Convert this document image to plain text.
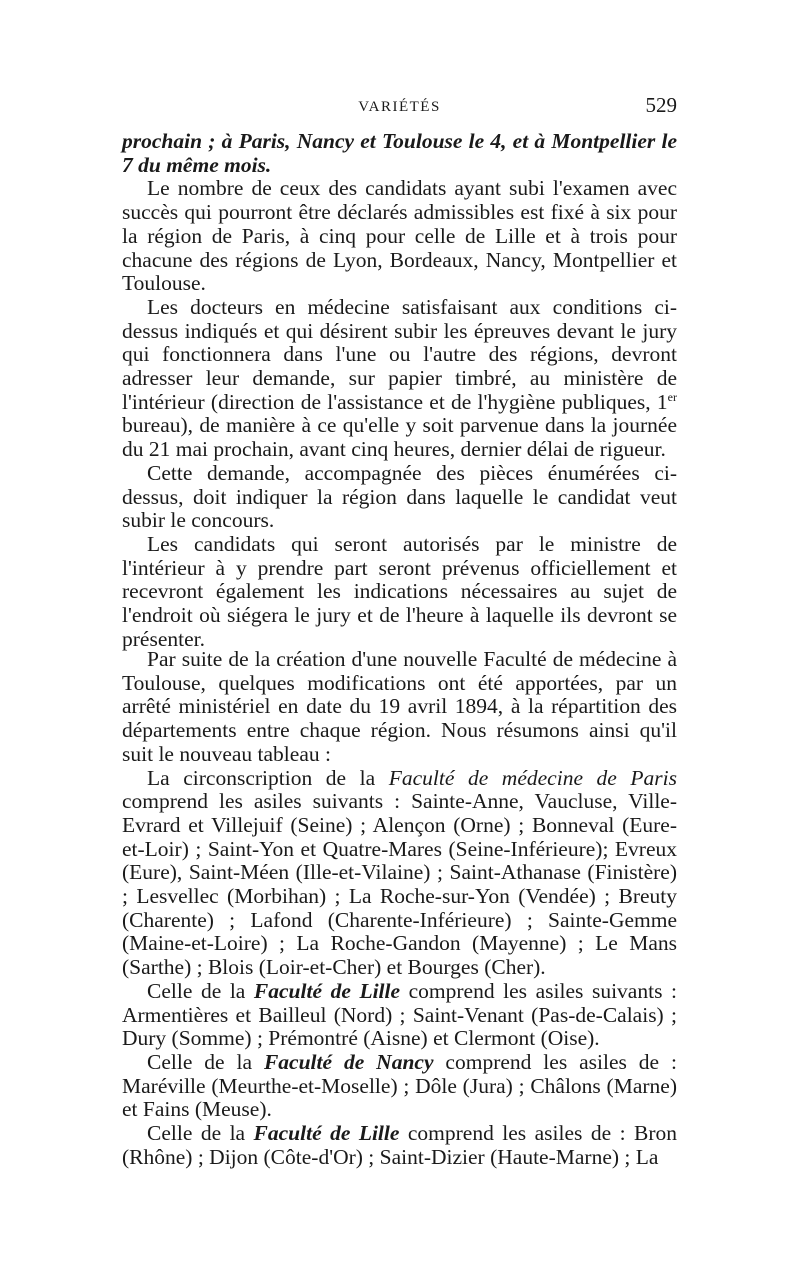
VARIÉTÉS	529

prochain ; à Paris, Nancy et Toulouse le 4, et à Montpellier le 7 du même mois.

Le nombre de ceux des candidats ayant subi l'examen avec succès qui pourront être déclarés admissibles est fixé à six pour la région de Paris, à cinq pour celle de Lille et à trois pour chacune des régions de Lyon, Bordeaux, Nancy, Montpellier et Toulouse.

Les docteurs en médecine satisfaisant aux conditions ci-dessus indiqués et qui désirent subir les épreuves devant le jury qui fonctionnera dans l'une ou l'autre des régions, devront adresser leur demande, sur papier timbré, au ministère de l'intérieur (direction de l'assistance et de l'hygiène publiques, 1er bureau), de manière à ce qu'elle y soit parvenue dans la journée du 21 mai prochain, avant cinq heures, dernier délai de rigueur.

Cette demande, accompagnée des pièces énumérées ci-dessus, doit indiquer la région dans laquelle le candidat veut subir le concours.

Les candidats qui seront autorisés par le ministre de l'intérieur à y prendre part seront prévenus officiellement et recevront également les indications nécessaires au sujet de l'endroit où siégera le jury et de l'heure à laquelle ils devront se présenter.

Par suite de la création d'une nouvelle Faculté de médecine à Toulouse, quelques modifications ont été apportées, par un arrêté ministériel en date du 19 avril 1894, à la répartition des départements entre chaque région. Nous résumons ainsi qu'il suit le nouveau tableau :

La circonscription de la Faculté de médecine de Paris comprend les asiles suivants : Sainte-Anne, Vaucluse, Ville-Evrard et Villejuif (Seine) ; Alençon (Orne) ; Bonneval (Eure-et-Loir) ; Saint-Yon et Quatre-Mares (Seine-Inférieure); Evreux (Eure), Saint-Méen (Ille-et-Vilaine) ; Saint-Athanase (Finistère) ; Lesvellec (Morbihan) ; La Roche-sur-Yon (Vendée) ; Breuty (Charente) ; Lafond (Charente-Inférieure) ; Sainte-Gemme (Maine-et-Loire) ; La Roche-Gandon (Mayenne) ; Le Mans (Sarthe) ; Blois (Loir-et-Cher) et Bourges (Cher).

Celle de la Faculté de Lille comprend les asiles suivants : Armentières et Bailleul (Nord) ; Saint-Venant (Pas-de-Calais) ; Dury (Somme) ; Prémontré (Aisne) et Clermont (Oise).

Celle de la Faculté de Nancy comprend les asiles de : Maréville (Meurthe-et-Moselle) ; Dôle (Jura) ; Châlons (Marne) et Fains (Meuse).

Celle de la Faculté de Lille comprend les asiles de : Bron (Rhône) ; Dijon (Côte-d'Or) ; Saint-Dizier (Haute-Marne) ; La
